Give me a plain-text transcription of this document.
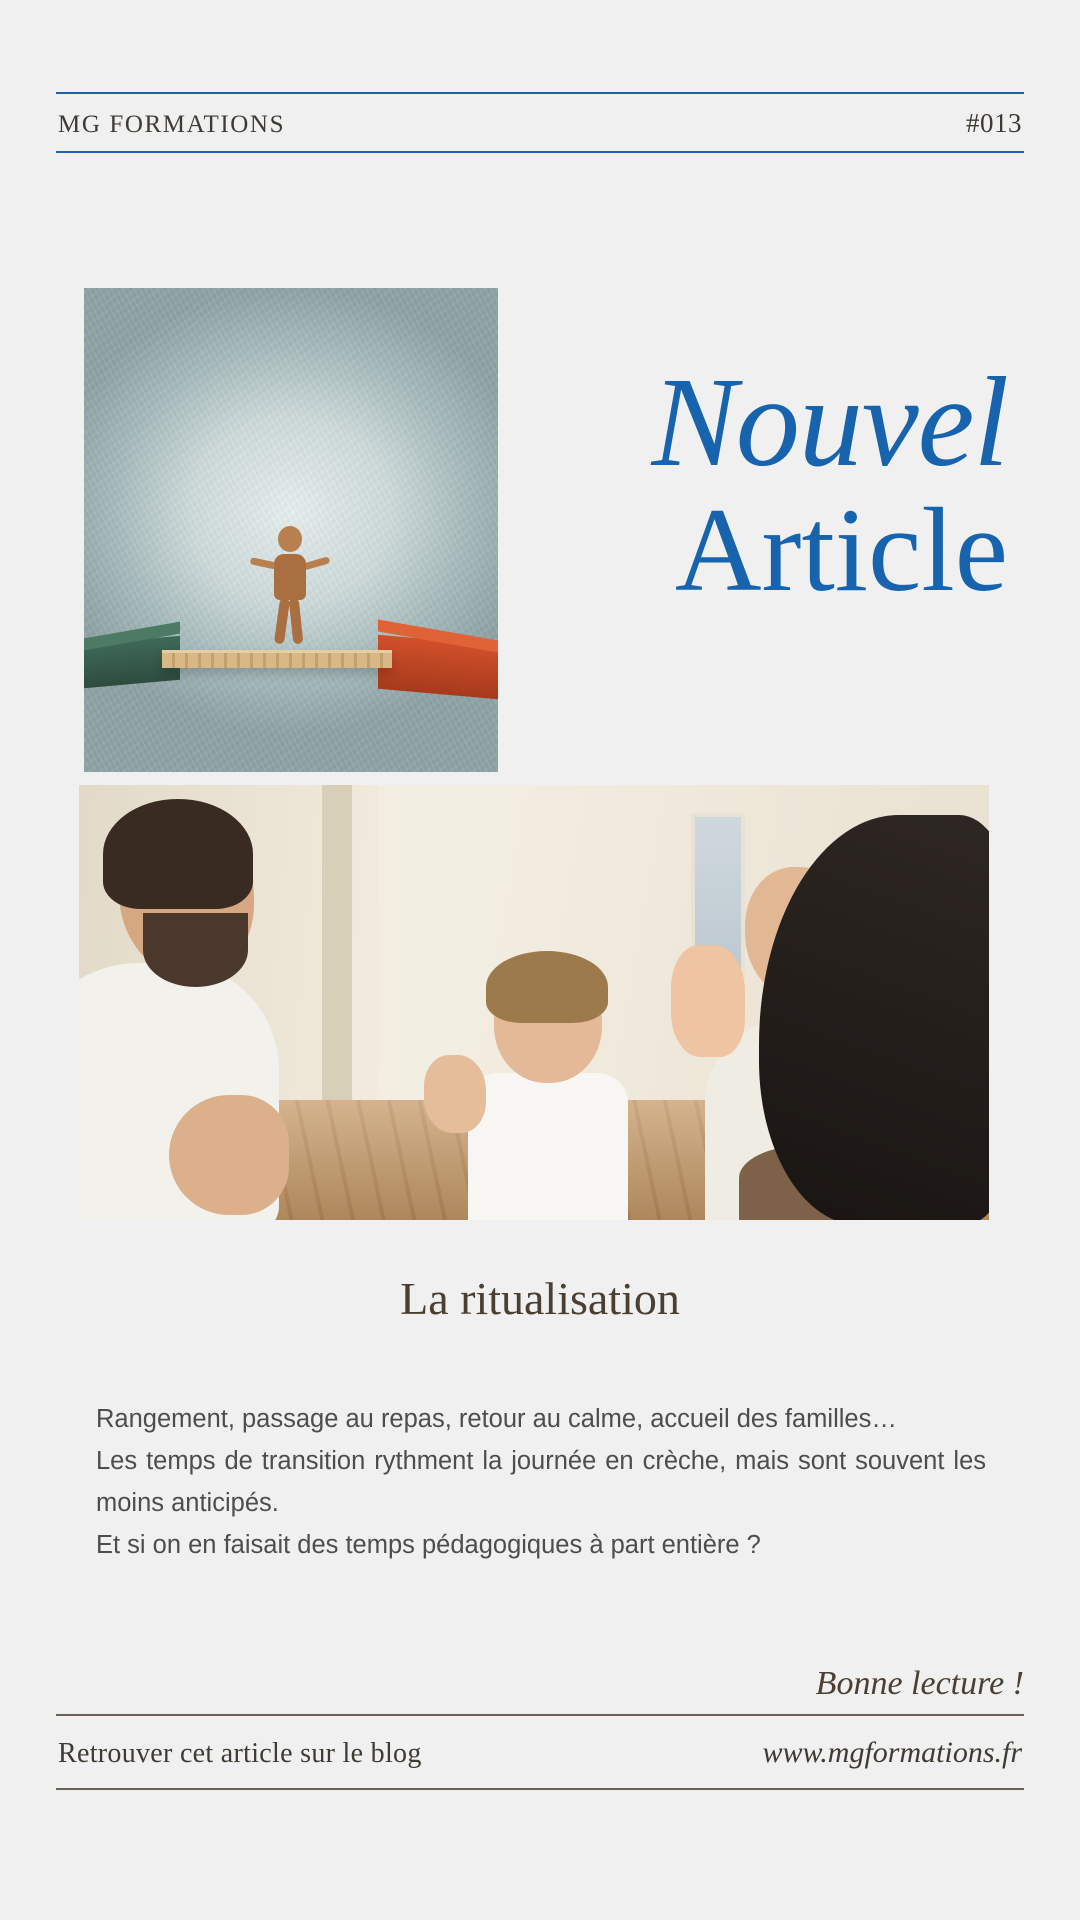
MG FORMATIONS	#013
Nouvel
Article
La ritualisation

Rangement, passage au repas, retour au calme, accueil des familles…

Les temps de transition rythment la journée en crèche, mais sont souvent les moins anticipés.

Et si on en faisait des temps pédagogiques à part entière ?

Bonne lecture !
Retrouver cet article sur le blog	www.mgformations.fr
